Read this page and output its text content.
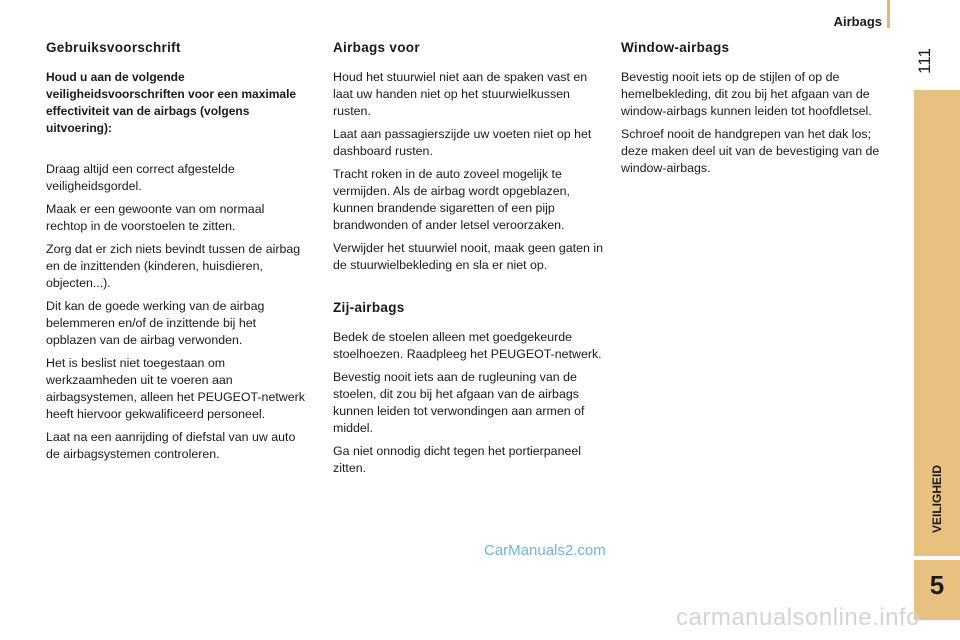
Airbags
111
VEILIGHEID
5
Gebruiksvoorschrift
Houd u aan de volgende veiligheidsvoorschriften voor een maximale effectiviteit van de airbags (volgens uitvoering):

Draag altijd een correct afgestelde veiligheidsgordel.

Maak er een gewoonte van om normaal rechtop in de voorstoelen te zitten.

Zorg dat er zich niets bevindt tussen de airbag en de inzittenden (kinderen, huisdieren, objecten...).

Dit kan de goede werking van de airbag belemmeren en/of de inzittende bij het opblazen van de airbag verwonden.

Het is beslist niet toegestaan om werkzaamheden uit te voeren aan airbagsystemen, alleen het PEUGEOT-netwerk heeft hiervoor gekwalificeerd personeel.

Laat na een aanrijding of diefstal van uw auto de airbagsystemen controleren.

Airbags voor

Houd het stuurwiel niet aan de spaken vast en laat uw handen niet op het stuurwielkussen rusten.

Laat aan passagierszijde uw voeten niet op het dashboard rusten.

Tracht roken in de auto zoveel mogelijk te vermijden. Als de airbag wordt opgeblazen, kunnen brandende sigaretten of een pijp brandwonden of ander letsel veroorzaken.

Verwijder het stuurwiel nooit, maak geen gaten in de stuurwielbekleding en sla er niet op.

Zij-airbags

Bedek de stoelen alleen met goedgekeurde stoelhoezen. Raadpleeg het PEUGEOT-netwerk.

Bevestig nooit iets aan de rugleuning van de stoelen, dit zou bij het afgaan van de airbags kunnen leiden tot verwondingen aan armen of middel.

Ga niet onnodig dicht tegen het portierpaneel zitten.

Window-airbags

Bevestig nooit iets op de stijlen of op de hemelbekleding, dit zou bij het afgaan van de window-airbags kunnen leiden tot hoofdletsel.

Schroef nooit de handgrepen van het dak los; deze maken deel uit van de bevestiging van de window-airbags.

CarManuals2.com
carmanualsonline.info
